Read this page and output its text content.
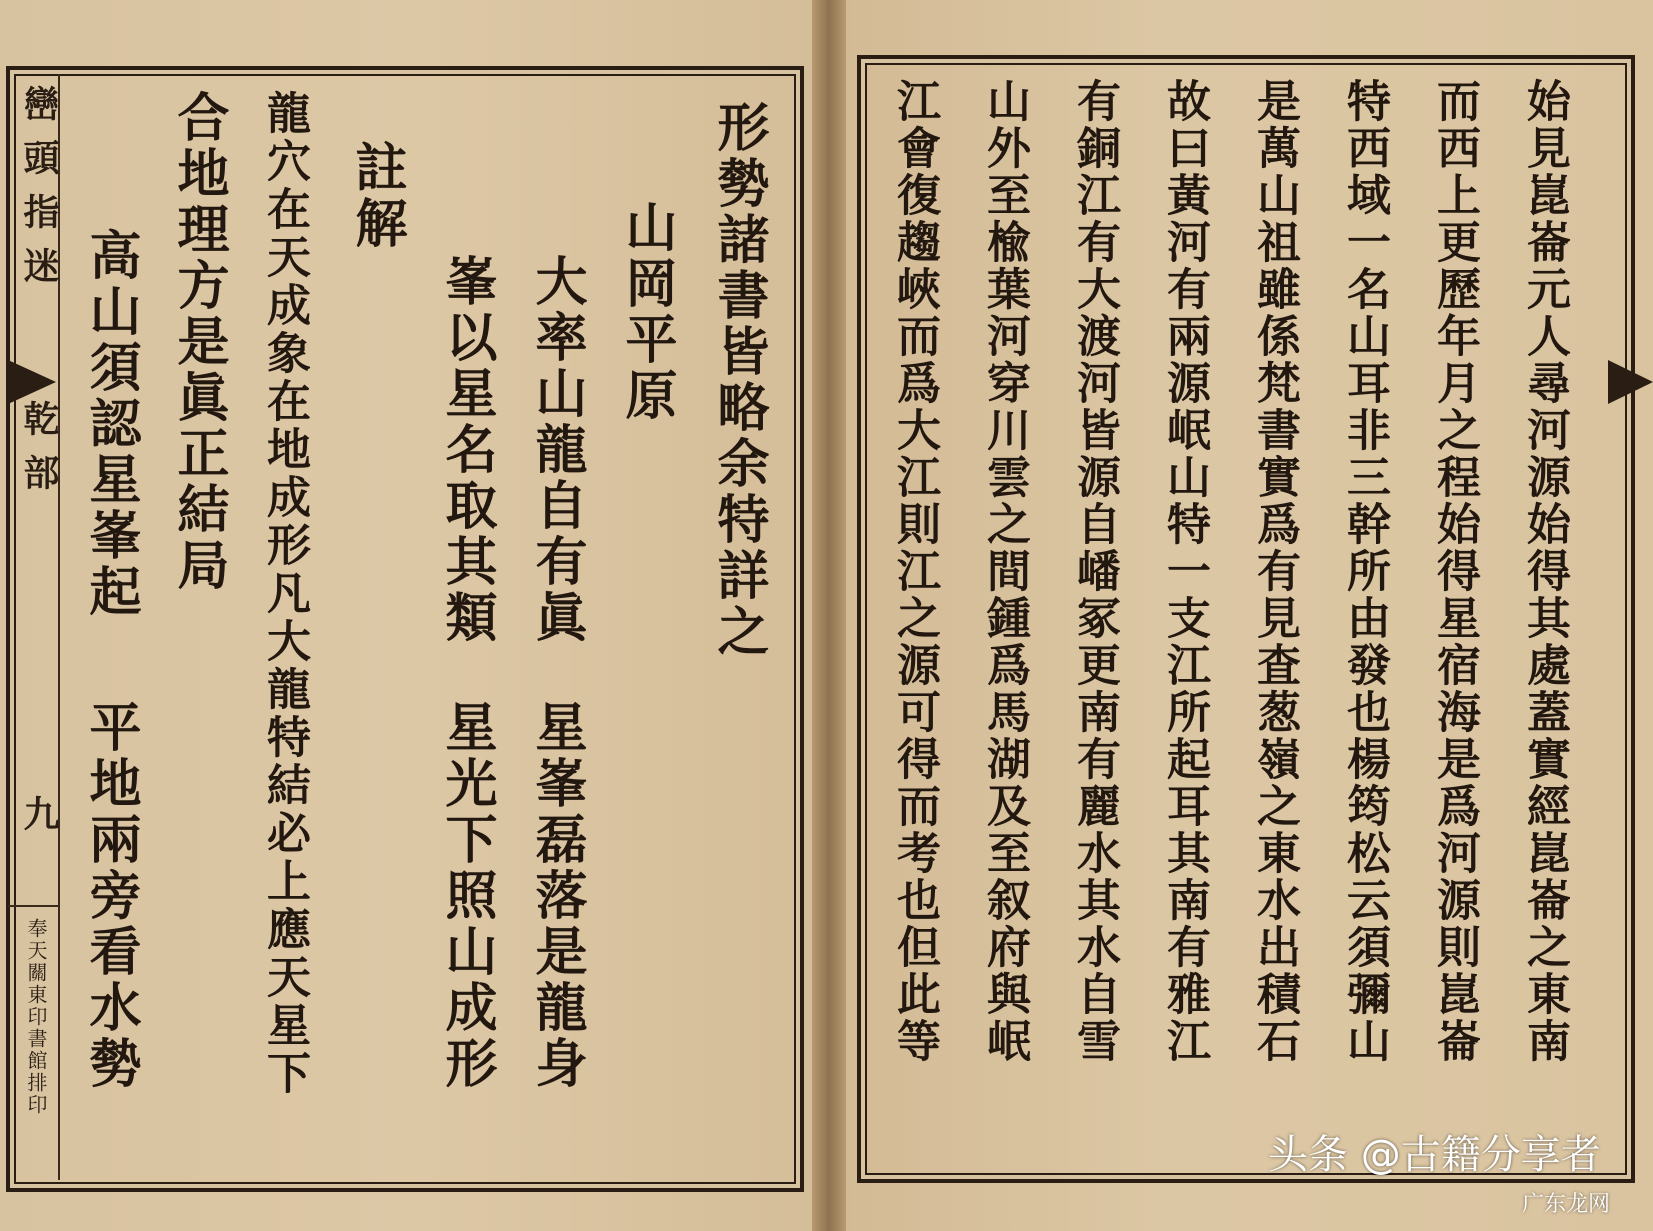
巒頭指迷
乾部
九
奉天關東印書館排印
形勢諸書皆略余特詳之
山岡平原
大率山龍自有眞
星峯磊落是龍身
峯以星名取其類
星光下照山成形
註解
龍穴在天成象在地成形凡大龍特結必上應天星下
合地理方是眞正結局
高山須認星峯起
平地兩旁看水勢	始見崑崙元人尋河源始得其處蓋實經崑崙之東南
而西上更歷年月之程始得星宿海是爲河源則崑崙
特西域一名山耳非三幹所由發也楊筠松云須彌山
是萬山祖雖係梵書實爲有見査葱嶺之東水出積石
故曰黃河有兩源岷山特一支江所起耳其南有雅江
有銅江有大渡河皆源自嶓冢更南有麗水其水自雪
山外至楡葉河穿川雲之間鍾爲馬湖及至叙府與岷
江會復趨峽而爲大江則江之源可得而考也但此等
头条 @古籍分享者
广东龙网
